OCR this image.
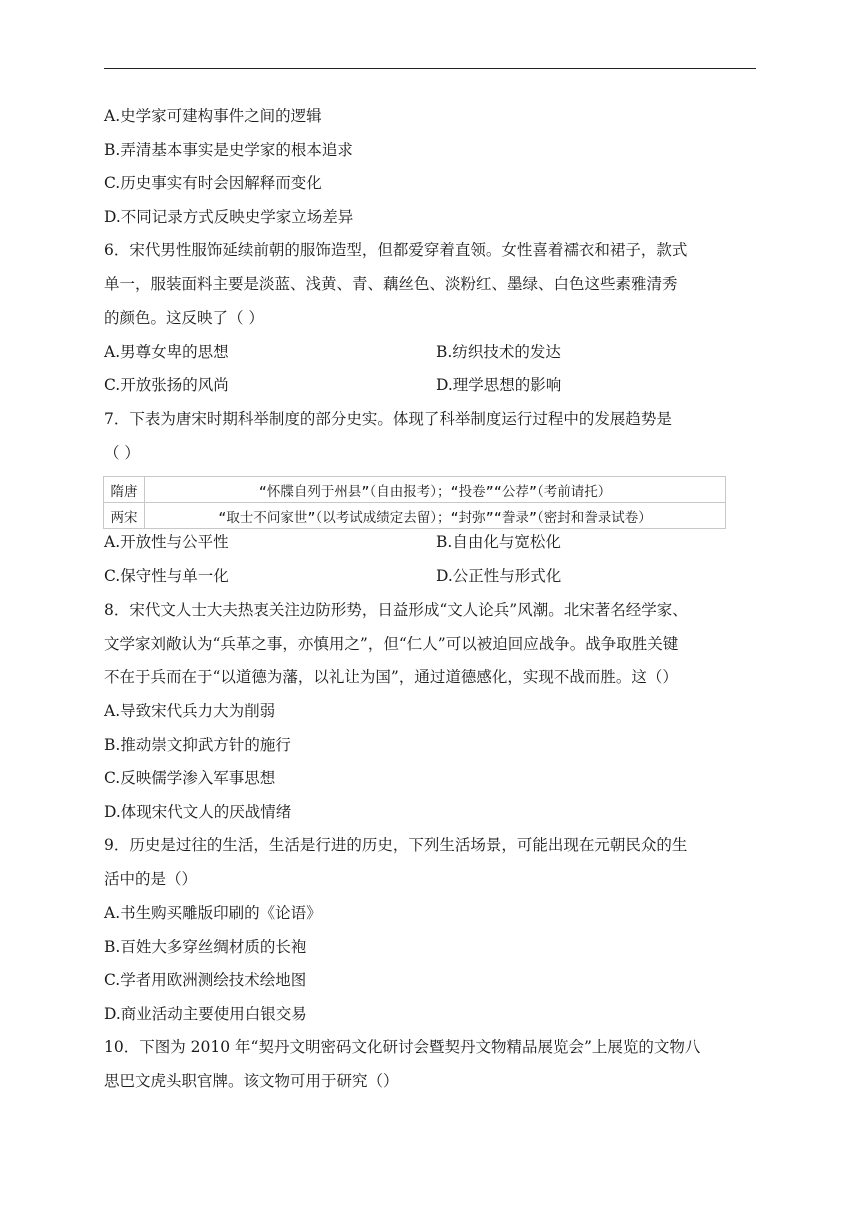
A.史学家可建构事件之间的逻辑
B.弄清基本事实是史学家的根本追求
C.历史事实有时会因解释而变化
D.不同记录方式反映史学家立场差异
6．宋代男性服饰延续前朝的服饰造型，但都爱穿着直领。女性喜着襦衣和裙子，款式
单一，服装面料主要是淡蓝、浅黄、青、藕丝色、淡粉红、墨绿、白色这些素雅清秀
的颜色。这反映了（ ）
A.男尊女卑的思想	B.纺织技术的发达
C.开放张扬的风尚	D.理学思想的影响
7．下表为唐宋时期科举制度的部分史实。体现了科举制度运行过程中的发展趋势是
（ ）
隋唐	“怀牒自列于州县”（自由报考）；“投卷”“公荐”（考前请托）
两宋	“取士不问家世”（以考试成绩定去留）；“封弥”“誊录”（密封和誊录试卷）
A.开放性与公平性	B.自由化与宽松化
C.保守性与单一化	D.公正性与形式化
8．宋代文人士大夫热衷关注边防形势，日益形成“文人论兵”风潮。北宋著名经学家、
文学家刘敞认为“兵革之事，亦慎用之”，但“仁人”可以被迫回应战争。战争取胜关键
不在于兵而在于“以道德为藩，以礼让为国”，通过道德感化，实现不战而胜。这（）
A.导致宋代兵力大为削弱
B.推动崇文抑武方针的施行
C.反映儒学渗入军事思想
D.体现宋代文人的厌战情绪
9．历史是过往的生活，生活是行进的历史，下列生活场景，可能出现在元朝民众的生
活中的是（）
A.书生购买雕版印刷的《论语》
B.百姓大多穿丝绸材质的长袍
C.学者用欧洲测绘技术绘地图
D.商业活动主要使用白银交易
10．下图为 2010 年“契丹文明密码文化研讨会暨契丹文物精品展览会”上展览的文物八
思巴文虎头职官牌。该文物可用于研究（）
